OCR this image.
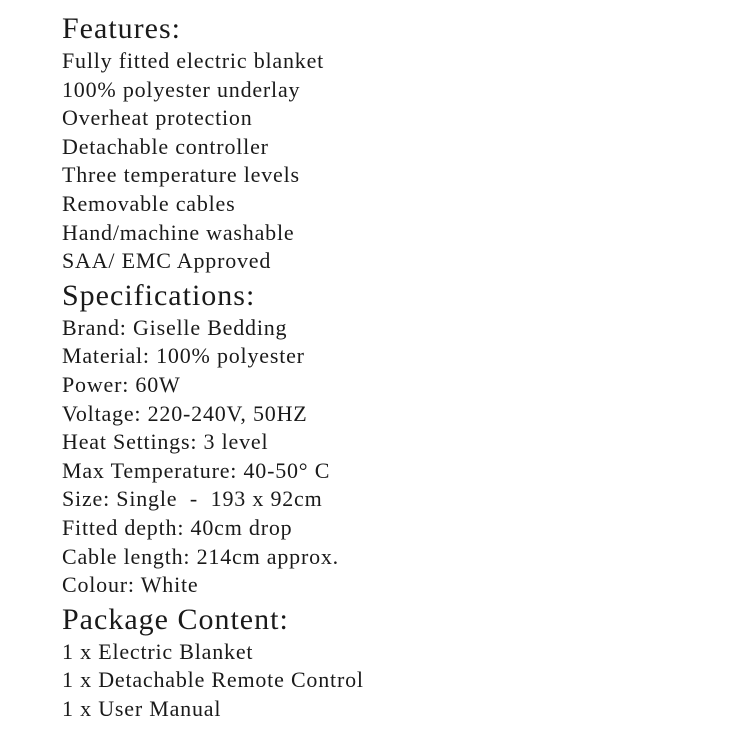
Features:
Fully fitted electric blanket
100% polyester underlay
Overheat protection
Detachable controller
Three temperature levels
Removable cables
Hand/machine washable
SAA/ EMC Approved
Specifications:
Brand: Giselle Bedding
Material: 100% polyester
Power: 60W
Voltage: 220-240V, 50HZ
Heat Settings: 3 level
Max Temperature: 40-50° C
Size: Single  -  193 x 92cm
Fitted depth: 40cm drop
Cable length: 214cm approx.
Colour: White
Package Content:
1 x Electric Blanket
1 x Detachable Remote Control
1 x User Manual
